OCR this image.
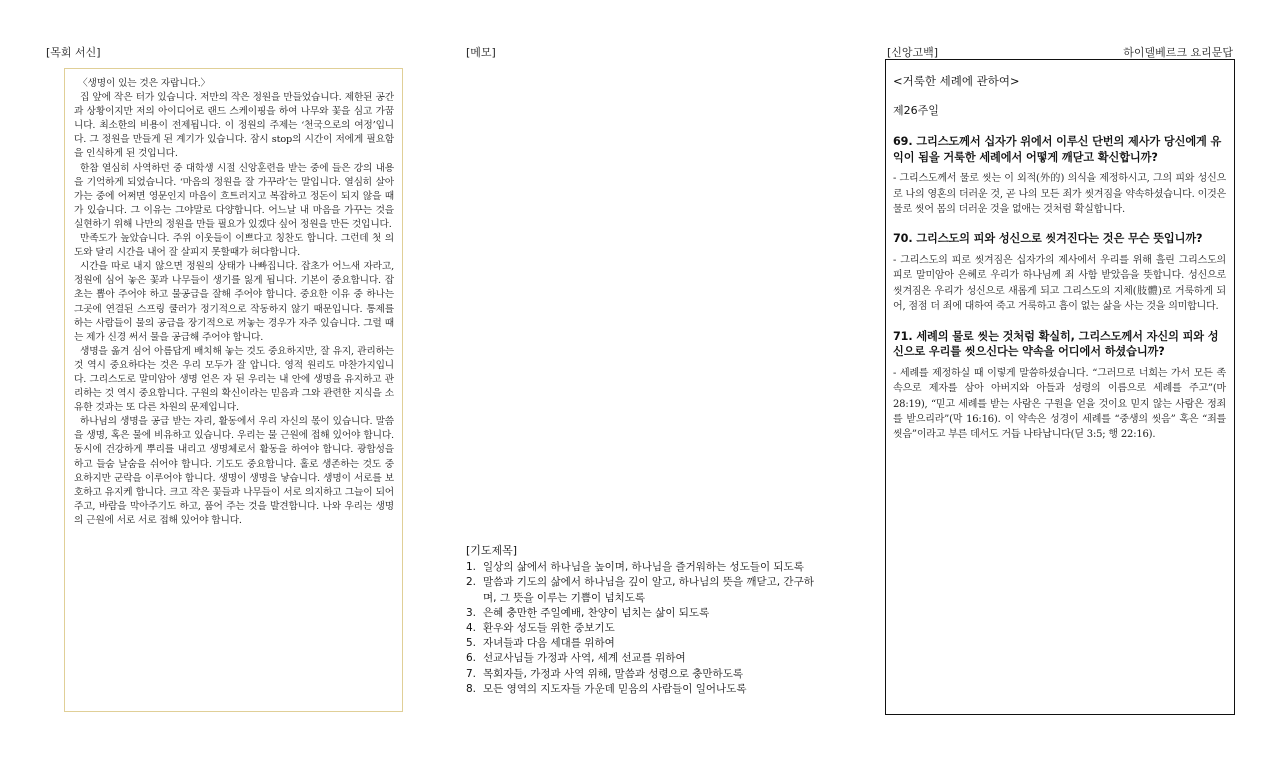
[목회 서신]	[메모]	[신앙고백]	하이델베르크 요리문답

〈생명이 있는 것은 자랍니다.〉

집 앞에 작은 터가 있습니다. 저만의 작은 정원을 만들었습니다. 제한된 공간과 상황이지만 저의 아이디어로 랜드 스케이핑을 하여 나무와 꽃을 심고 가꿉니다. 최소한의 비용이 전제됩니다. 이 정원의 주제는 ‘천국으로의 여정’입니다. 그 정원을 만들게 된 계기가 있습니다. 잠시 stop의 시간이 저에게 필요함을 인식하게 된 것입니다.

한참 열심히 사역하던 중 대학생 시절 신앙훈련을 받는 중에 들은 강의 내용을 기억하게 되었습니다. ‘마음의 정원을 잘 가꾸라’는 말입니다. 열심히 살아가는 중에 어쩌면 영문인지 마음이 흐트러지고 복잡하고 정돈이 되지 않을 때가 있습니다. 그 이유는 그야말로 다양합니다. 어느날 내 마음을 가꾸는 것을 실현하기 위해 나만의 정원을 만들 필요가 있겠다 싶어 정원을 만든 것입니다.

만족도가 높았습니다. 주위 이웃들이 이쁘다고 칭찬도 합니다. 그런데 첫 의도와 달리 시간을 내어 잘 살피지 못할때가 허다합니다.

시간을 따로 내지 않으면 정원의 상태가 나빠집니다. 잡초가 어느새 자라고, 정원에 심어 놓은 꽃과 나무들이 생기를 잃게 됩니다. 기본이 중요합니다. 잡초는 뽑아 주어야 하고 물공급을 잘해 주어야 합니다. 중요한 이유 중 하나는 그곳에 연결된 스프링 쿨러가 정기적으로 작동하지 않기 때문입니다. 통제를 하는 사람들이 물의 공급을 장기적으로 꺼놓는 경우가 자주 있습니다. 그럴 때는 제가 신경 써서 물을 공급해 주어야 합니다.

생명을 옮겨 심어 아름답게 배치해 놓는 것도 중요하지만, 잘 유지, 관리하는 것 역시 중요하다는 것은 우리 모두가 잘 압니다. 영적 원리도 마찬가지입니다. 그리스도로 말미암아 생명 얻은 자 된 우리는 내 안에 생명을 유지하고 관리하는 것 역시 중요합니다. 구원의 확신이라는 믿음과 그와 관련한 지식을 소유한 것과는 또 다른 차원의 문제입니다.

하나님의 생명을 공급 받는 자리, 활동에서 우리 자신의 몫이 있습니다. 말씀을 생명, 혹은 물에 비유하고 있습니다. 우리는 물 근원에 접해 있어야 합니다. 동시에 건강하게 뿌리를 내리고 생명체로서 활동을 하여야 합니다. 광합성을 하고 들숨 날숨을 쉬어야 합니다. 기도도 중요합니다. 홀로 생존하는 것도 중요하지만 군락을 이루어야 합니다. 생명이 생명을 낳습니다. 생명이 서로를 보호하고 유지케 합니다. 크고 작은 꽃들과 나무들이 서로 의지하고 그늘이 되어 주고, 바람을 막아주기도 하고, 품어 주는 것을 발견합니다. 나와 우리는 생명의 근원에 서로 서로 접해 있어야 합니다.

[기도제목]

1. 일상의 삶에서 하나님을 높이며, 하나님을 즐거워하는 성도들이 되도록
2. 말씀과 기도의 삶에서 하나님을 깊이 알고, 하나님의 뜻을 깨닫고, 간구하며, 그 뜻을 이루는 기쁨이 넘치도록
3. 은혜 충만한 주일예배, 찬양이 넘치는 삶이 되도록
4. 환우와 성도들 위한 중보기도
5. 자녀들과 다음 세대를 위하여
6. 선교사님들 가정과 사역, 세계 선교를 위하여
7. 목회자들, 가정과 사역 위해, 말씀과 성령으로 충만하도록
8. 모든 영역의 지도자들 가운데 믿음의 사람들이 일어나도록

<거룩한 세례에 관하여>

제26주일

69. 그리스도께서 십자가 위에서 이루신 단번의 제사가 당신에게 유익이 됨을 거룩한 세례에서 어떻게 깨닫고 확신합니까?

- 그리스도께서 물로 씻는 이 외적(外的) 의식을 제정하시고, 그의 피와 성신으로 나의 영혼의 더러운 것, 곧 나의 모든 죄가 씻겨짐을 약속하셨습니다. 이것은 물로 씻어 몸의 더러운 것을 없애는 것처럼 확실합니다.

70. 그리스도의 피와 성신으로 씻겨진다는 것은 무슨 뜻입니까?

- 그리스도의 피로 씻겨짐은 십자가의 제사에서 우리를 위해 흘린 그리스도의 피로 말미암아 은혜로 우리가 하나님께 죄 사함 받았음을 뜻합니다. 성신으로 씻겨짐은 우리가 성신으로 새롭게 되고 그리스도의 지체(肢體)로 거룩하게 되어, 점점 더 죄에 대하여 죽고 거룩하고 흠이 없는 삶을 사는 것을 의미합니다.

71. 세례의 물로 씻는 것처럼 확실히, 그리스도께서 자신의 피와 성신으로 우리를 씻으신다는 약속을 어디에서 하셨습니까?

- 세례를 제정하실 때 이렇게 말씀하셨습니다. “그러므로 너희는 가서 모든 족속으로 제자를 삼아 아버지와 아들과 성령의 이름으로 세례를 주고”(마 28:19), “믿고 세례를 받는 사람은 구원을 얻을 것이요 믿지 않는 사람은 정죄를 받으리라”(막 16:16). 이 약속은 성경이 세례를 “중생의 씻음” 혹은 “죄를 씻음”이라고 부른 데서도 거듭 나타납니다(딛 3:5; 행 22:16).
